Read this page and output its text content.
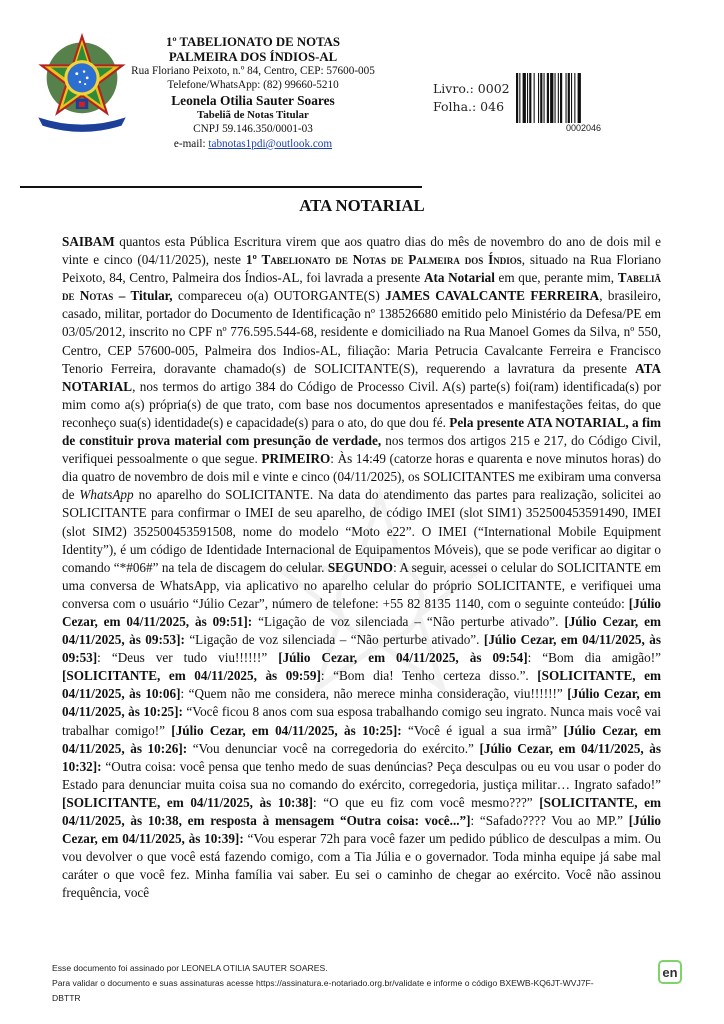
1º TABELIONATO DE NOTAS
PALMEIRA DOS ÍNDIOS-AL
Rua Floriano Peixoto, n.º 84, Centro, CEP: 57600-005
Telefone/WhatsApp: (82) 99660-5210
Leonela Otilia Sauter Soares
Tabeliã de Notas Titular
CNPJ 59.146.350/0001-03
e-mail: tabnotas1pdi@outlook.com
Livro.: 0002
Folha.: 046
0002046
ATA NOTARIAL
SAIBAM quantos esta Pública Escritura virem que aos quatro dias do mês de novembro do ano de dois mil e vinte e cinco (04/11/2025), neste 1º Tabelionato de Notas de Palmeira dos Índios, situado na Rua Floriano Peixoto, 84, Centro, Palmeira dos Índios-AL, foi lavrada a presente Ata Notarial em que, perante mim, Tabeliã de Notas – Titular, compareceu o(a) OUTORGANTE(S) JAMES CAVALCANTE FERREIRA, brasileiro, casado, militar, portador do Documento de Identificação nº 138526680 emitido pelo Ministério da Defesa/PE em 03/05/2012, inscrito no CPF nº 776.595.544-68, residente e domiciliado na Rua Manoel Gomes da Silva, nº 550, Centro, CEP 57600-005, Palmeira dos Indios-AL, filiação: Maria Petrucia Cavalcante Ferreira e Francisco Tenorio Ferreira, doravante chamado(s) de SOLICITANTE(S), requerendo a lavratura da presente ATA NOTARIAL, nos termos do artigo 384 do Código de Processo Civil. A(s) parte(s) foi(ram) identificada(s) por mim como a(s) própria(s) de que trato, com base nos documentos apresentados e manifestações feitas, do que reconheço sua(s) identidade(s) e capacidade(s) para o ato, do que dou fé. Pela presente ATA NOTARIAL, a fim de constituir prova material com presunção de verdade, nos termos dos artigos 215 e 217, do Código Civil, verifiquei pessoalmente o que segue. PRIMEIRO: Às 14:49 (catorze horas e quarenta e nove minutos horas) do dia quatro de novembro de dois mil e vinte e cinco (04/11/2025), os SOLICITANTES me exibiram uma conversa de WhatsApp no aparelho do SOLICITANTE. Na data do atendimento das partes para realização, solicitei ao SOLICITANTE para confirmar o IMEI de seu aparelho, de código IMEI (slot SIM1) 352500453591490, IMEI (slot SIM2) 352500453591508, nome do modelo “Moto e22”. O IMEI (“International Mobile Equipment Identity”), é um código de Identidade Internacional de Equipamentos Móveis), que se pode verificar ao digitar o comando “*#06#” na tela de discagem do celular. SEGUNDO: A seguir, acessei o celular do SOLICITANTE em uma conversa de WhatsApp, via aplicativo no aparelho celular do próprio SOLICITANTE, e verifiquei uma conversa com o usuário “Júlio Cezar”, número de telefone: +55 82 8135 1140, com o seguinte conteúdo: [Júlio Cezar, em 04/11/2025, às 09:51]: “Ligação de voz silenciada – “Não perturbe ativado”. [Júlio Cezar, em 04/11/2025, às 09:53]: “Ligação de voz silenciada – “Não perturbe ativado”. [Júlio Cezar, em 04/11/2025, às 09:53]: “Deus ver tudo viu!!!!!!” [Júlio Cezar, em 04/11/2025, às 09:54]: “Bom dia amigão!” [SOLICITANTE, em 04/11/2025, às 09:59]: “Bom dia! Tenho certeza disso.”. [SOLICITANTE, em 04/11/2025, às 10:06]: “Quem não me considera, não merece minha consideração, viu!!!!!!” [Júlio Cezar, em 04/11/2025, às 10:25]: “Você ficou 8 anos com sua esposa trabalhando comigo seu ingrato. Nunca mais você vai trabalhar comigo!” [Júlio Cezar, em 04/11/2025, às 10:25]: “Você é igual a sua irmã” [Júlio Cezar, em 04/11/2025, às 10:26]: “Vou denunciar você na corregedoria do exército.” [Júlio Cezar, em 04/11/2025, às 10:32]: “Outra coisa: você pensa que tenho medo de suas denúncias? Peça desculpas ou eu vou usar o poder do Estado para denunciar muita coisa sua no comando do exército, corregedoria, justiça militar… Ingrato safado!” [SOLICITANTE, em 04/11/2025, às 10:38]: “O que eu fiz com você mesmo???” [SOLICITANTE, em 04/11/2025, às 10:38, em resposta à mensagem “Outra coisa: você...”]: “Safado???? Vou ao MP.” [Júlio Cezar, em 04/11/2025, às 10:39]: “Vou esperar 72h para você fazer um pedido público de desculpas a mim. Ou vou devolver o que você está fazendo comigo, com a Tia Júlia e o governador. Toda minha equipe já sabe mal caráter o que você fez. Minha família vai saber. Eu sei o caminho de chegar ao exército. Você não assinou frequência, você
Esse documento foi assinado por LEONELA OTILIA SAUTER SOARES.
Para validar o documento e suas assinaturas acesse https://assinatura.e-notariado.org.br/validate e informe o código BXEWB-KQ6JT-WVJ7F-DBTTR
en
